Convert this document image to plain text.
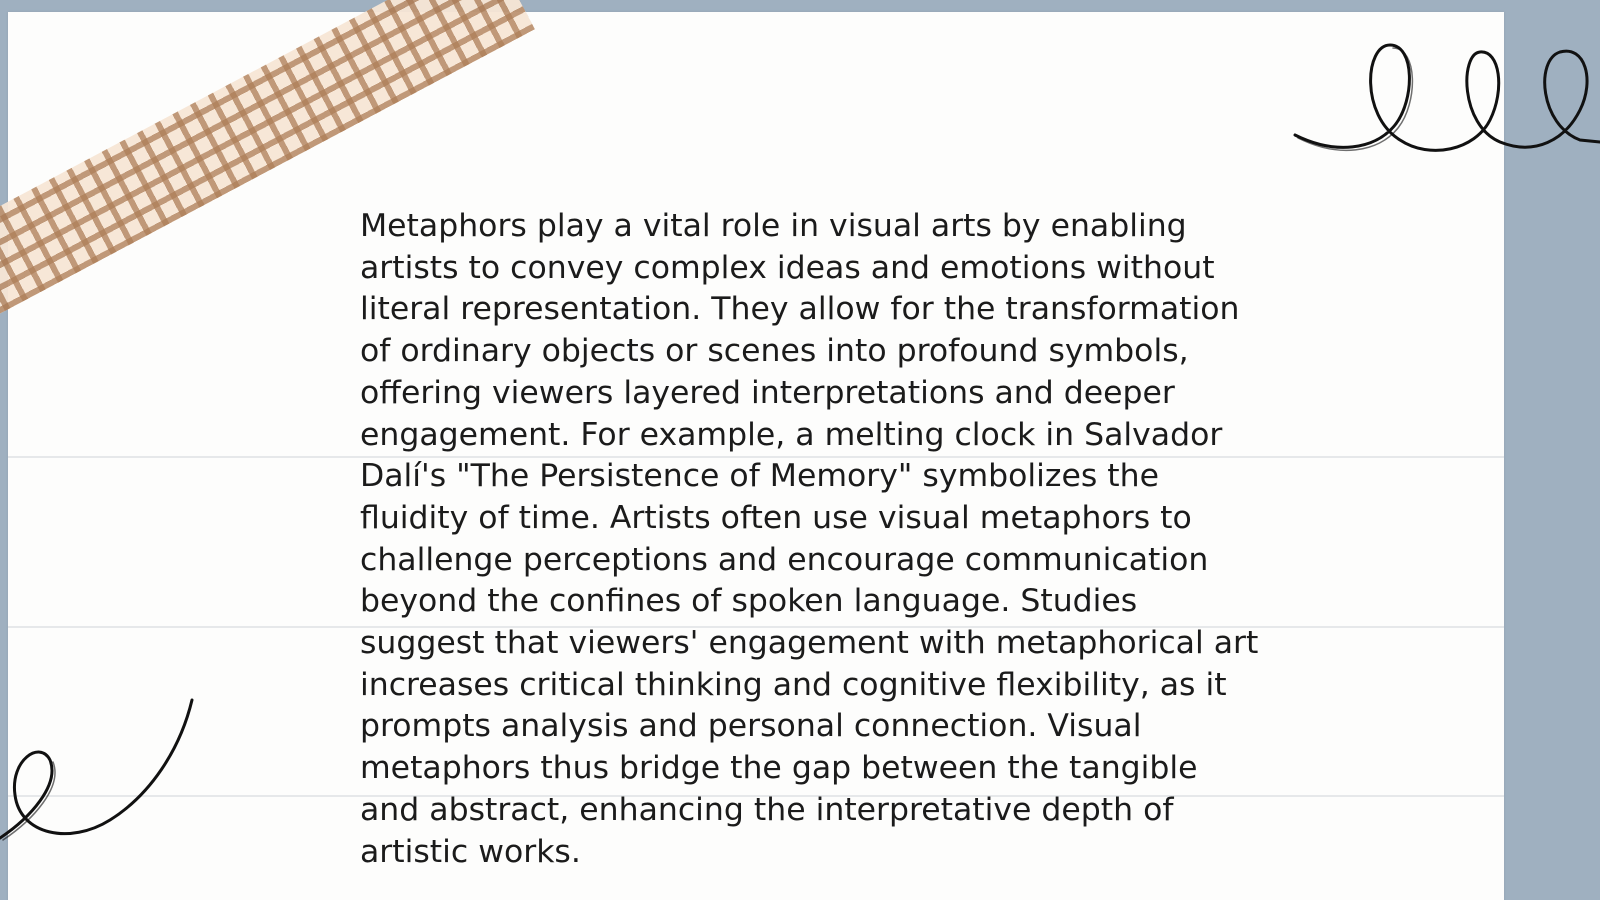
Metaphors play a vital role in visual arts by enabling artists to convey complex ideas and emotions without literal representation. They allow for the transformation of ordinary objects or scenes into profound symbols, offering viewers layered interpretations and deeper engagement. For example, a melting clock in Salvador Dalí's "The Persistence of Memory" symbolizes the fluidity of time. Artists often use visual metaphors to challenge perceptions and encourage communication beyond the confines of spoken language. Studies suggest that viewers' engagement with metaphorical art increases critical thinking and cognitive flexibility, as it prompts analysis and personal connection. Visual metaphors thus bridge the gap between the tangible and abstract, enhancing the interpretative depth of artistic works.
